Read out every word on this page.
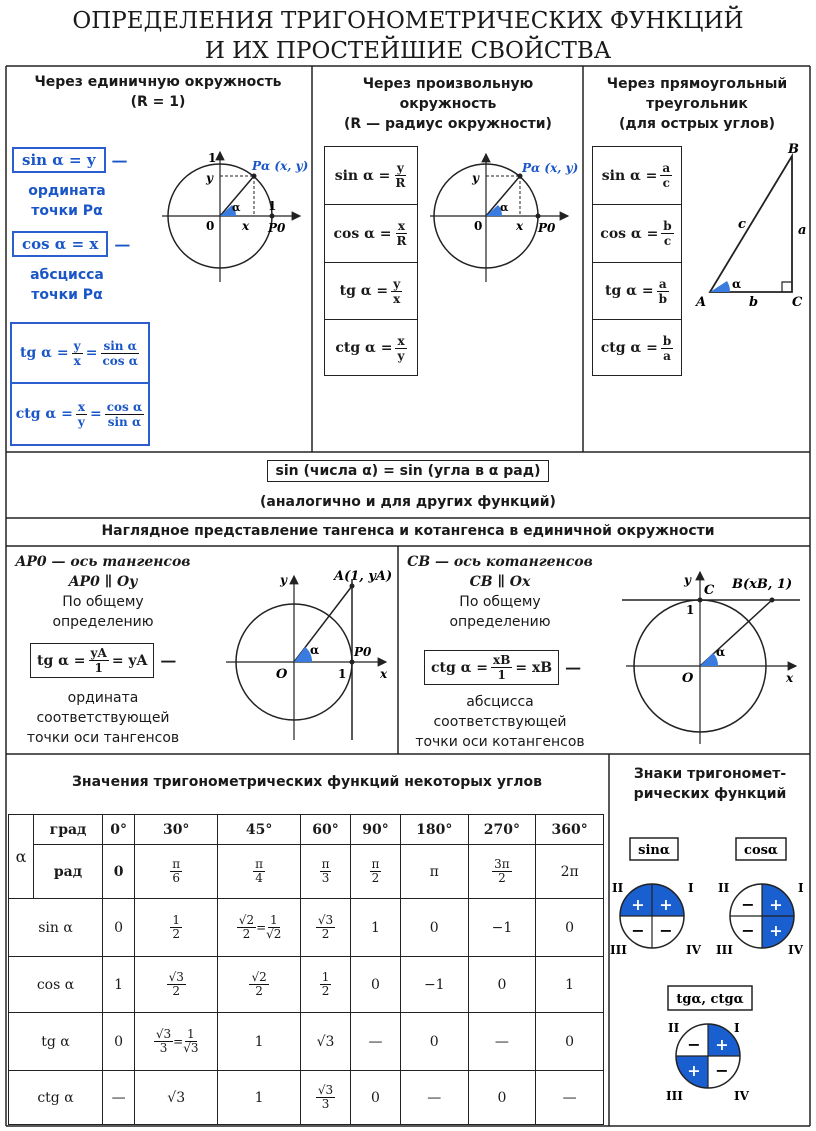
ОПРЕДЕЛЕНИЯ ТРИГОНОМЕТРИЧЕСКИХ ФУНКЦИЙ
И ИХ ПРОСТЕЙШИЕ СВОЙСТВА
Через единичную окружность
(R = 1)
sin α = y	—
ордината
точки Pα
cos α = x	—
абсцисса
точки Pα
tg $\alpha = \frac{y}{x} = \frac{\text{sin α}}{\text{cos α}}$
ctg $\alpha = \frac{x}{y} = \frac{\text{cos α}}{\text{sin α}}$
1
y
x
0
1
P0
Pα (x, y)
α
Через произвольную
окружность
(R — радиус окружности)
$\sin \alpha = \frac{y}{R}$
$\cos \alpha = \frac{x}{R}$
tg $\alpha = \frac{y}{x}$
ctg $\alpha = \frac{x}{y}$
y
x
0	P0
Pα (x, y)
α
Через прямоугольный
треугольник
(для острых углов)
$\sin \alpha = \frac{a}{c}$
$\cos \alpha = \frac{b}{c}$
tg $\alpha = \frac{a}{b}$
ctg $\alpha = \frac{b}{a}$
A
B
C
a
b
c
α
sin (числа α) = sin (угла в α рад)
(аналогично и для других функций)
Наглядное представление тангенса и котангенса в единичной окружности
AP0 — ось тангенсов
AP0 ∥ Oy
По общему
определению
tg $\alpha = \frac{yA}{1}$ = yA —
ордината
соответствующей
точки оси тангенсов
A(1, yA)
y
O	1
P0
x
α
CB — ось котангенсов
CB ∥ Ox
По общему
определению
ctg $\alpha = \frac{xB}{1}$ = xB —
абсцисса
соответствующей
точки оси котангенсов
B(xB, 1)
y
C
1
O	x
α
Значения тригонометрических функций некоторых углов
α	град	0°	30°	45°	60°	90°	180°	270°	360°
	рад	0	$\frac{\pi}{6}$	$\frac{\pi}{4}$	$\frac{\pi}{3}$	$\frac{\pi}{2}$	π	$\frac{3\pi}{2}$	2π
sin α		0	$\frac{1}{2}$	$\frac{√2}{2} = \frac{1}{√2}$	$\frac{√3}{2}$	1	0	−1	0
cos α		1	$\frac{√3}{2}$	$\frac{√2}{2}$	$\frac{1}{2}$	0	−1	0	1
tg α		0	$\frac{√3}{3} = \frac{1}{√3}$	1	√3	—	0	—	0
ctg α		—	√3	1	$\frac{√3}{3}$	0	—	0	—
Знаки тригономет-
рических функций
sinα
+ +
− −
I
II
III	IV
cosα
+
+
−
−
I
II
III	IV
tgα, ctgα
+
+
−
−
I
II
III	IV
